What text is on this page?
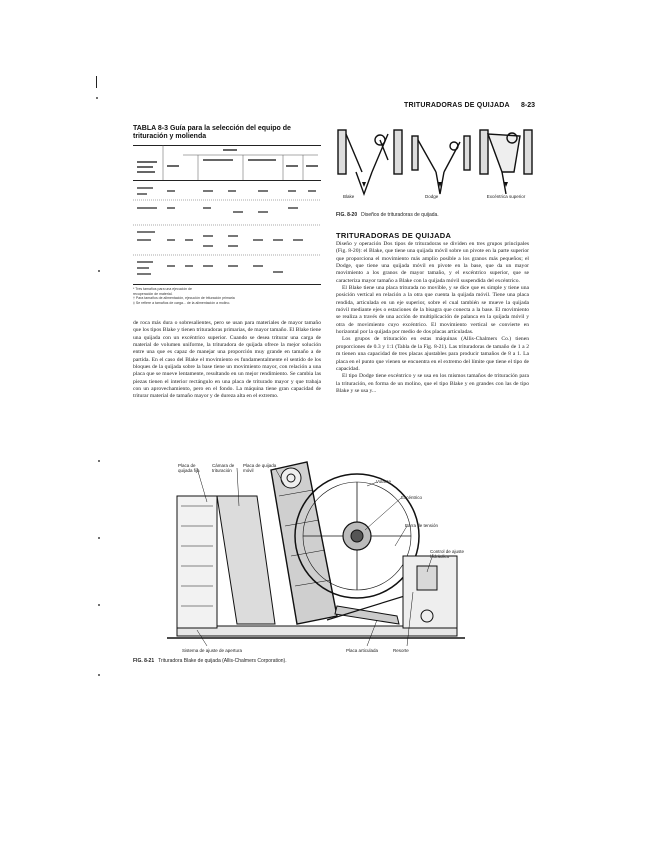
TRITURADORAS DE QUIJADA 8-23
TABLA 8-3 Guía para la selección del equipo de trituración y molienda
* Tres tamaños para una ejecución de
recuperación de material.
† Para tamaños de alimentación, ejecución de trituración primaria
‡ Se refiere a tamaños de carga... de la alimentación a molino.
Blake	Dodge	Excéntrica superior
FIG. 8-20 Diseños de trituradoras de quijada.
TRITURADORAS DE QUIJADA

Diseño y operación Dos tipos de trituradoras se dividen en tres grupos principales (Fig. 8-20): el Blake, que tiene una quijada móvil sobre un pivote en la parte superior que proporciona el movimiento más amplio posible a los granos más pequeños; el Dodge, que tiene una quijada móvil en pivote en la base, que da un mayor movimiento a los granos de mayor tamaño, y el excéntrico superior, que se caracteriza mayor tamaño a Blake con la quijada móvil suspendida del excéntrico.

El Blake tiene una placa triturada no movible, y se dice que es simple y tiene una posición vertical en relación a la otra que cuenta la quijada móvil. Tiene una placa rendida, articulada en un eje superior, sobre el cual también se mueve la quijada móvil mediante ejes o estaciones de la bisagra que conecta a la base. El movimiento se realiza a través de una acción de multiplicación de palanca en la quijada móvil y otra de movimiento cuyo excéntrico. El movimiento vertical se convierte en horizontal por la quijada por medio de dos placas articuladas.

Los grupos de trituración en estas máquinas (Allis-Chalmers Co.) tienen proporciones de 0.3 y 1:1 (Tabla de la Fig. 8-21). Las trituradoras de tamaño de 1 a 2 m tienen una capacidad de tres placas ajustables para producir tamaños de 8 a 1. La placa en el punto que vienen se encuentra en el extremo del límite que tiene el tipo de capacidad.

El tipo Dodge tiene excéntrico y se usa en los mismos tamaños de trituración para la trituración, en forma de un molino, que el tipo Blake y en grandes con las de tipo Blake y se usa y...

de roca más dura o sobresalientes, pero se usan para materiales de mayor tamaño que los tipos Blake y tienen trituradoras primarias, de mayor tamaño. El Blake tiene una quijada con un excéntrico superior. Cuando se desea triturar una carga de material de volumen uniforme, la trituradora de quijada ofrece la mejor solución entre una que es capaz de manejar una proporción muy grande en tamaño a de partida. En el caso del Blake el movimiento es fundamentalmente el sentido de los bloques de la quijada sobre la base tiene un movimiento mayor, con relación a una placa que se mueve lentamente, resultando en un mejor rendimiento. Se cambia las piezas tienen el interior rectángulo en una placa de triturado mayor y que trabaja con un aprovechamiento, pero en el fondo. La máquina tiene gran capacidad de triturar material de tamaño mayor y de dureza alta en el extremo.

Placa de quijada fija
Cámara de trituración
Placa de quijada móvil
Volante
Excéntrico
Barra de tensión
Control de ajuste hidráulico
Placa articulada	Resorte
Sistema de ajuste de apertura
FIG. 8-21 Trituradora Blake de quijada (Allis-Chalmers Corporation).
